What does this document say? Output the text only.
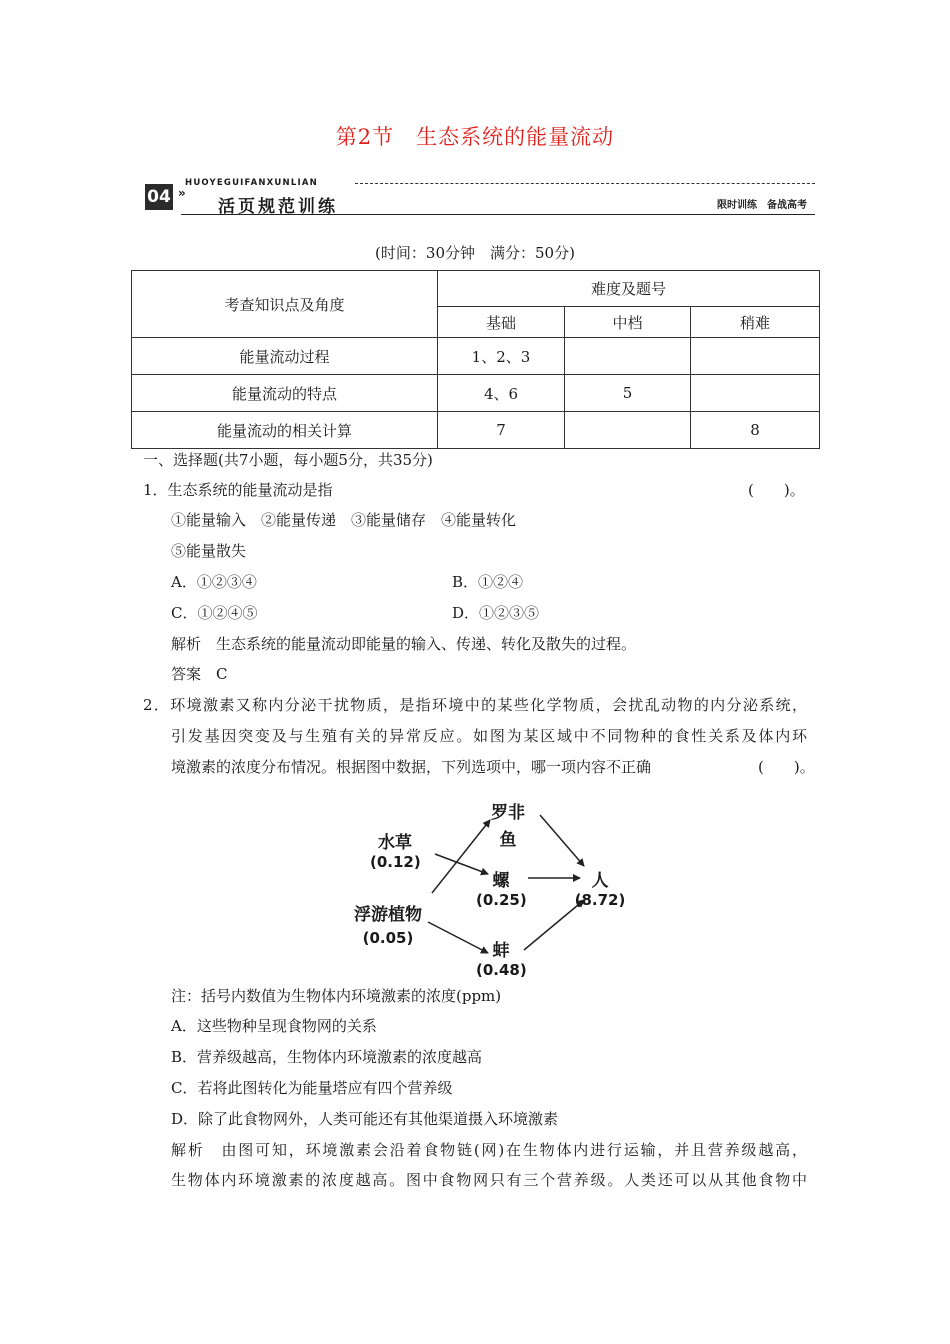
第2节　生态系统的能量流动
04 »
HUOYEGUIFANXUNLIAN
活页规范训练	限时训练　备战高考
(时间：30分钟　满分：50分)
考查知识点及角度	难度及题号		
	基础	中档	稍难
能量流动过程	1、2、3		
能量流动的特点	4、6	5	
能量流动的相关计算	7		8
一、选择题(共7小题，每小题5分，共35分)
1．生态系统的能量流动是指	(　　)。
①能量输入　②能量传递　③能量储存　④能量转化
⑤能量散失
A．①②③④	B．①②④
C．①②④⑤	D．①②③⑤
解析　生态系统的能量流动即能量的输入、传递、转化及散失的过程。
答案　C
2．环境激素又称内分泌干扰物质，是指环境中的某些化学物质，会扰乱动物的内分泌系统，
引发基因突变及与生殖有关的异常反应。如图为某区域中不同物种的食性关系及体内环
境激素的浓度分布情况。根据图中数据，下列选项中，哪一项内容不正确	(　　)。
水草
(0.12)
浮游植物
(0.05)
罗非
鱼
螺
(0.25)
蚌
(0.48)
人
(8.72)
注：括号内数值为生物体内环境激素的浓度(ppm)
A．这些物种呈现食物网的关系
B．营养级越高，生物体内环境激素的浓度越高
C．若将此图转化为能量塔应有四个营养级
D．除了此食物网外，人类可能还有其他渠道摄入环境激素
解析　由图可知，环境激素会沿着食物链(网)在生物体内进行运输，并且营养级越高，
生物体内环境激素的浓度越高。图中食物网只有三个营养级。人类还可以从其他食物中
